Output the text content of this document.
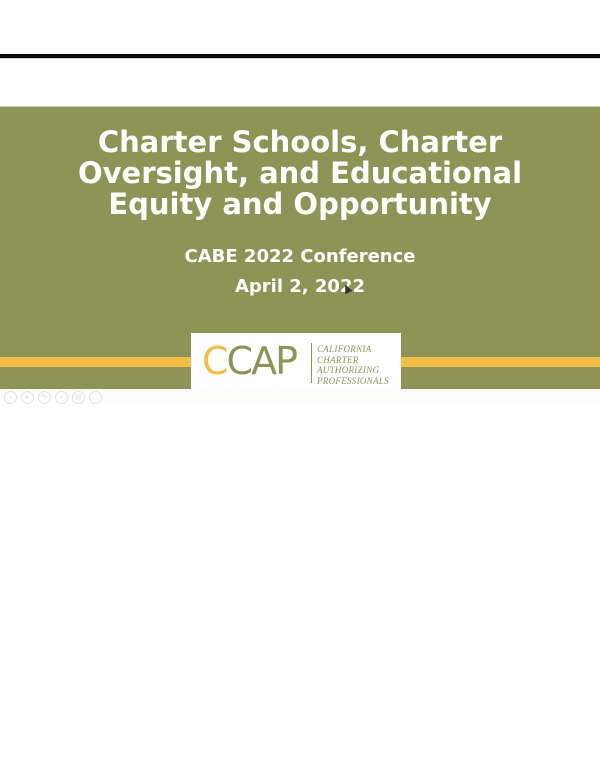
Charter Schools, Charter
Oversight, and Educational
Equity and Opportunity
CABE 2022 Conference
April 2, 2022
CCAP CALIFORNIA
CHARTER
AUTHORIZING
PROFESSIONALS
‹	▸	✎	⌕	▤	…
